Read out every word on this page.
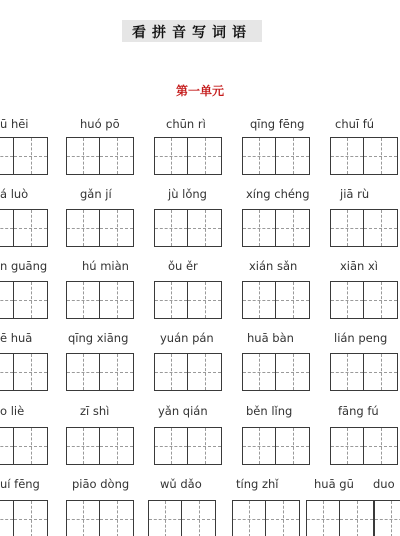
看拼音写词语
第一单元
ū hēi	huó pō	chūn rì	qīng fēng	chuī fú
á luò	gǎn jí	jù lǒng	xíng chéng	jiā rù
n guāng	hú miàn	ǒu ěr	xián sǎn	xiān xì
ē huā	qīng xiāng	yuán pán	huā bàn	lián peng
o liè	zī shì	yǎn qián	běn lǐng	fāng fú
uí fēng	piāo dòng	wǔ dǎo	tíng zhǐ	huā gū duo
